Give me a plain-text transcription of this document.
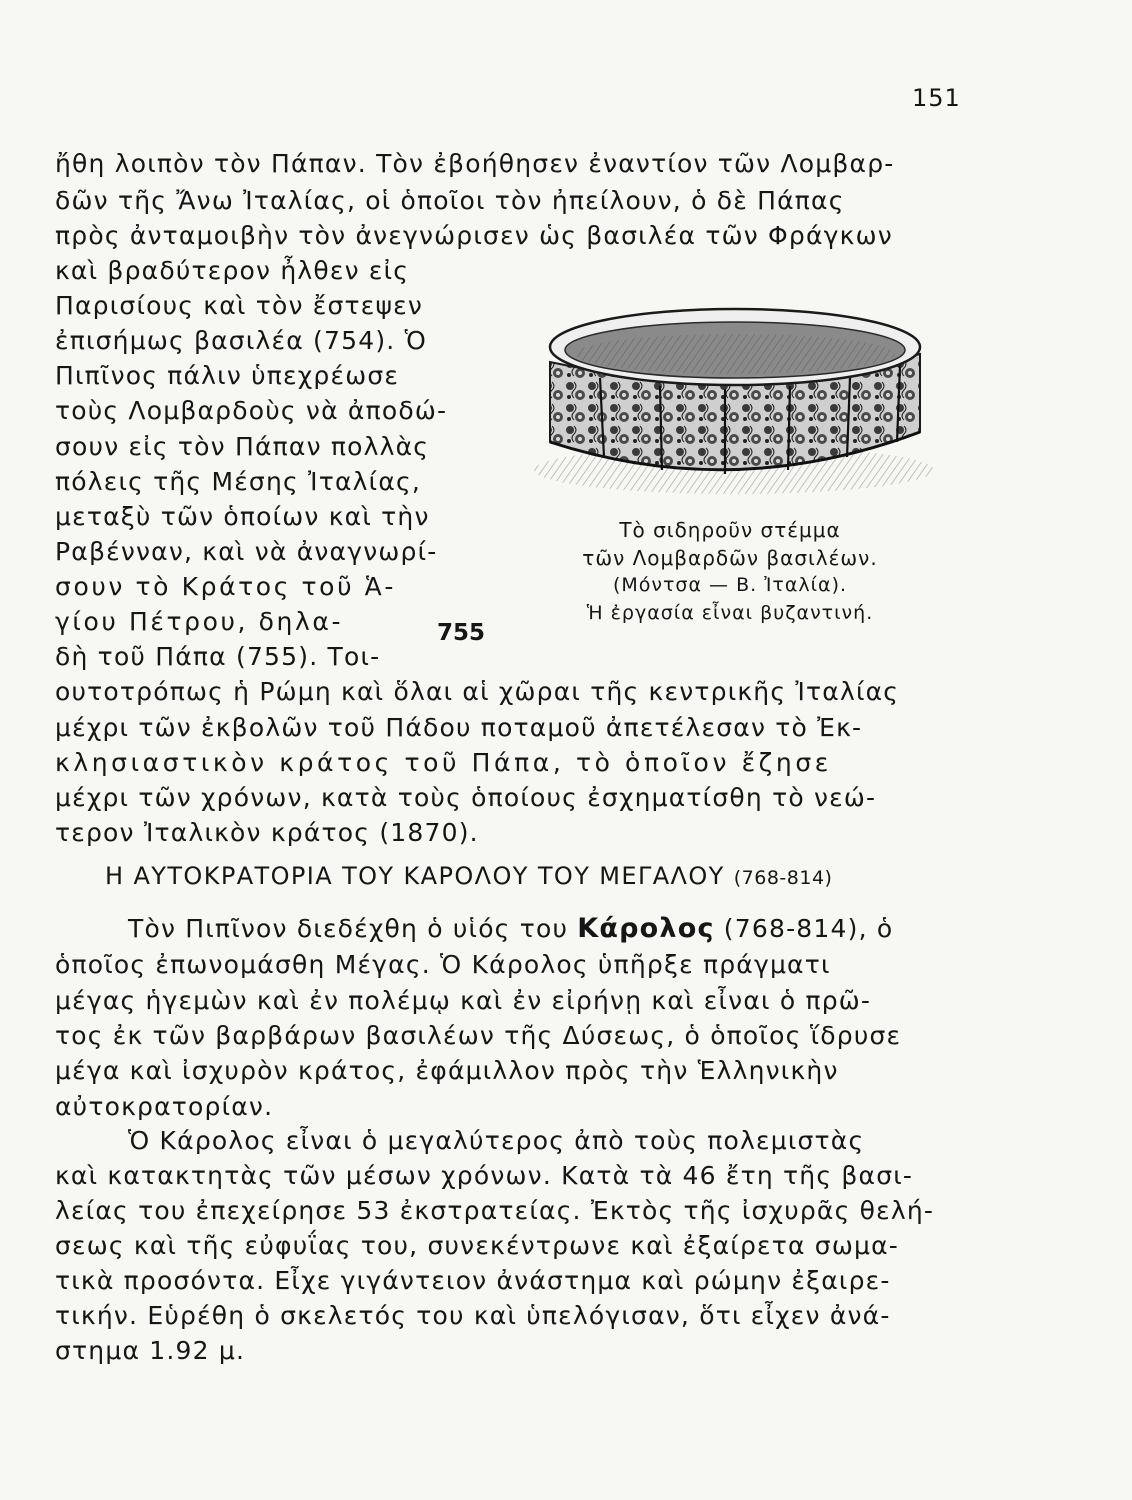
151
ἤθη λοιπὸν τὸν Πάπαν. Τὸν ἐβοήθησεν ἐναντίον τῶν Λομβαρ-
δῶν τῆς Ἄνω Ἰταλίας, οἱ ὁποῖοι τὸν ἠπείλουν, ὁ δὲ Πάπας
πρὸς ἀνταμοιβὴν τὸν ἀνεγνώρισεν ὡς βασιλέα τῶν Φράγκων
καὶ βραδύτερον ἦλθεν εἰς
Παρισίους καὶ τὸν ἔστεψεν
ἐπισήμως βασιλέα (754). Ὁ
Πιπῖνος πάλιν ὑπεχρέωσε
τοὺς Λομβαρδοὺς νὰ ἀποδώ-
σουν εἰς τὸν Πάπαν πολλὰς
πόλεις τῆς Μέσης Ἰταλίας,
μεταξὺ τῶν ὁποίων καὶ τὴν
Ραβένναν, καὶ νὰ ἀναγνωρί-
σουν τὸ Κράτος τοῦ Ἁ-
γίου Πέτρου, δηλα-
δὴ τοῦ Πάπα (755). Τοι-
ουτοτρόπως ἡ Ρώμη καὶ ὅλαι αἱ χῶραι τῆς κεντρικῆς Ἰταλίας
μέχρι τῶν ἐκβολῶν τοῦ Πάδου ποταμοῦ ἀπετέλεσαν τὸ Ἐκ-
κλησιαστικὸν κράτος τοῦ Πάπα, τὸ ὁποῖον ἔζησε
μέχρι τῶν χρόνων, κατὰ τοὺς ὁποίους ἐσχηματίσθη τὸ νεώ-
τερον Ἰταλικὸν κράτος (1870).
755
Τὸ σιδηροῦν στέμμα
τῶν Λομβαρδῶν βασιλέων.
(Μόντσα — Β. Ἰταλία).
Ἡ ἐργασία εἶναι βυζαντινή.
Η ΑΥΤΟΚΡΑΤΟΡΙΑ ΤΟΥ ΚΑΡΟΛΟΥ ΤΟΥ ΜΕΓΑΛΟΥ (768-814)
Τὸν Πιπῖνον διεδέχθη ὁ υἱός του Κάρολος (768-814), ὁ
ὁποῖος ἐπωνομάσθη Μέγας. Ὁ Κάρολος ὑπῆρξε πράγματι
μέγας ἡγεμὼν καὶ ἐν πολέμῳ καὶ ἐν εἰρήνῃ καὶ εἶναι ὁ πρῶ-
τος ἐκ τῶν βαρβάρων βασιλέων τῆς Δύσεως, ὁ ὁποῖος ἵδρυσε
μέγα καὶ ἰσχυρὸν κράτος, ἐφάμιλλον πρὸς τὴν Ἑλληνικὴν
αὐτοκρατορίαν.
Ὁ Κάρολος εἶναι ὁ μεγαλύτερος ἀπὸ τοὺς πολεμιστὰς
καὶ κατακτητὰς τῶν μέσων χρόνων. Κατὰ τὰ 46 ἔτη τῆς βασι-
λείας του ἐπεχείρησε 53 ἐκστρατείας. Ἐκτὸς τῆς ἰσχυρᾶς θελή-
σεως καὶ τῆς εὐφυΐας του, συνεκέντρωνε καὶ ἐξαίρετα σωμα-
τικὰ προσόντα. Εἶχε γιγάντειον ἀνάστημα καὶ ρώμην ἐξαιρε-
τικήν. Εὑρέθη ὁ σκελετός του καὶ ὑπελόγισαν, ὅτι εἶχεν ἀνά-
στημα 1.92 μ.
